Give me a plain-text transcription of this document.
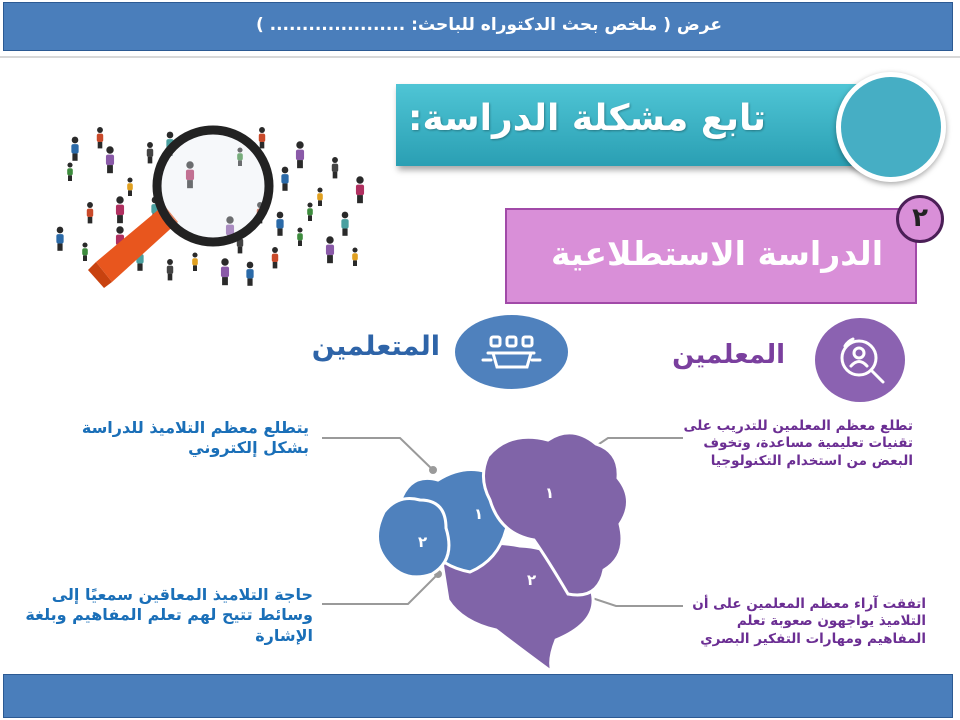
عرض ( ملخص بحث الدكتوراه للباحث: ..................... )
تابع مشكلة الدراسة:
الدراسة الاستطلاعية
٢
المتعلمين	المعلمين
١
٢
١
٢
يتطلع معظم التلاميذ للدراسة بشكل إلكتروني
حاجة التلاميذ المعاقين سمعيًا إلى وسائط تتيح لهم تعلم المفاهيم وبلغة الإشارة
تطلع معظم المعلمين للتدريب على تقنيات تعليمية مساعدة، وتخوف البعض من استخدام التكنولوجيا
اتفقت آراء معظم المعلمين على أن التلاميذ يواجهون صعوبة تعلم المفاهيم ومهارات التفكير البصري
